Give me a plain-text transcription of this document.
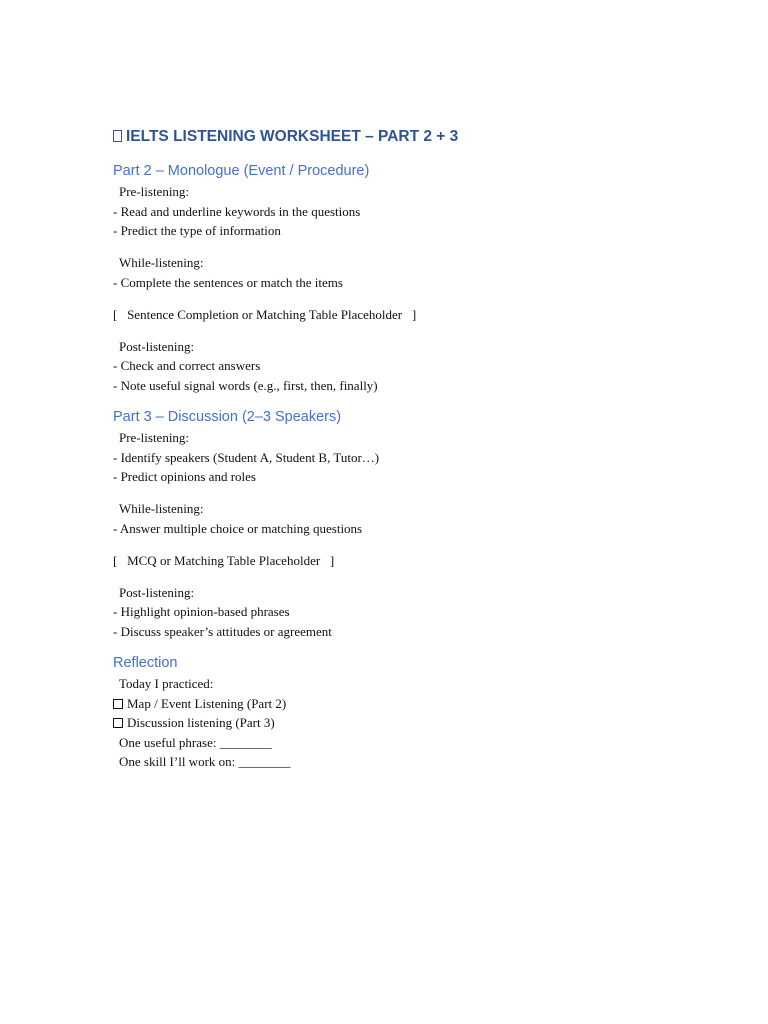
IELTS LISTENING WORKSHEET – PART 2 + 3
Part 2 – Monologue (Event / Procedure)
Pre-listening:
- Read and underline keywords in the questions
- Predict the type of information
While-listening:
- Complete the sentences or match the items
[   Sentence Completion or Matching Table Placeholder   ]
Post-listening:
- Check and correct answers
- Note useful signal words (e.g., first, then, finally)
Part 3 – Discussion (2–3 Speakers)
Pre-listening:
- Identify speakers (Student A, Student B, Tutor…)
- Predict opinions and roles
While-listening:
- Answer multiple choice or matching questions
[   MCQ or Matching Table Placeholder   ]
Post-listening:
- Highlight opinion-based phrases
- Discuss speaker’s attitudes or agreement
Reflection
Today I practiced:
Map / Event Listening (Part 2)
Discussion listening (Part 3)
One useful phrase: ________
One skill I’ll work on: ________
